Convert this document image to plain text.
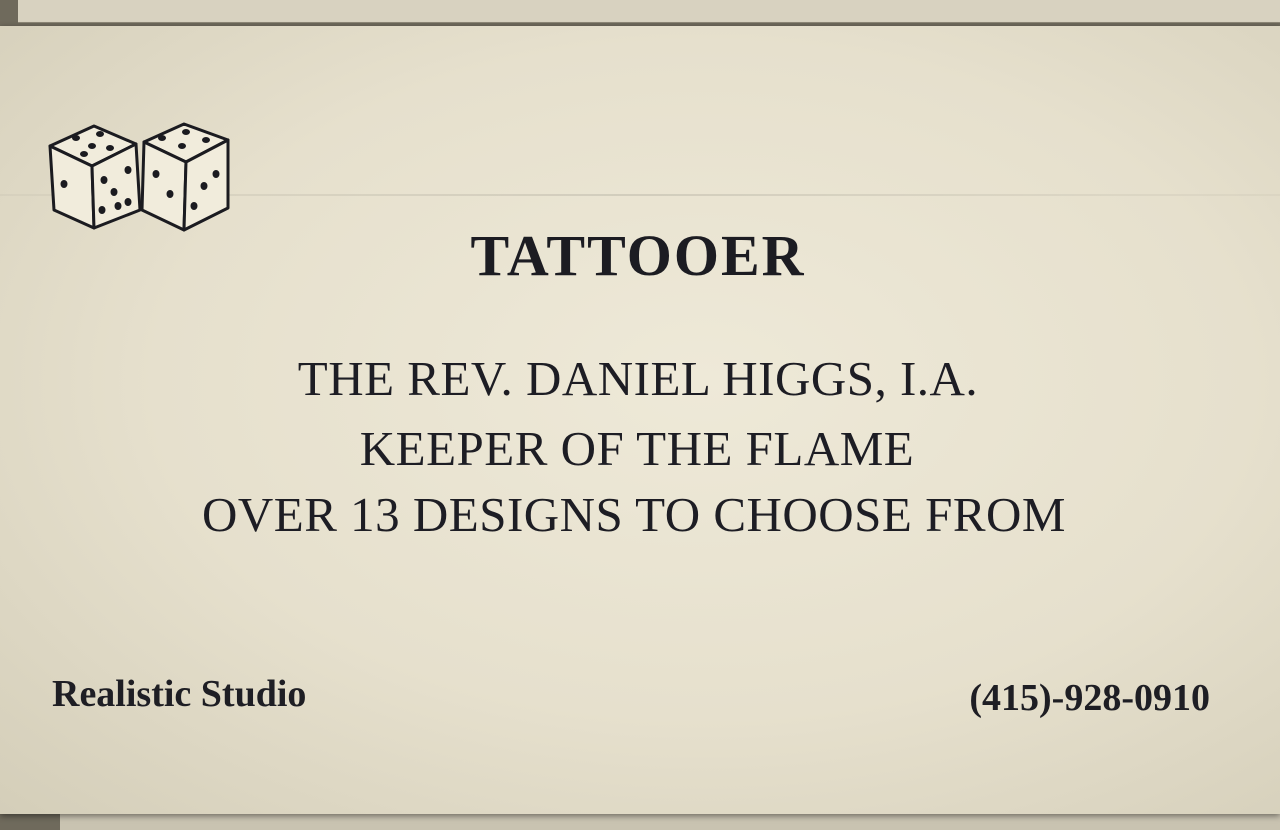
TATTOOER
THE REV. DANIEL HIGGS, I.A.
KEEPER OF THE FLAME
OVER 13 DESIGNS TO CHOOSE FROM
Realistic Studio	(415)-928-0910
